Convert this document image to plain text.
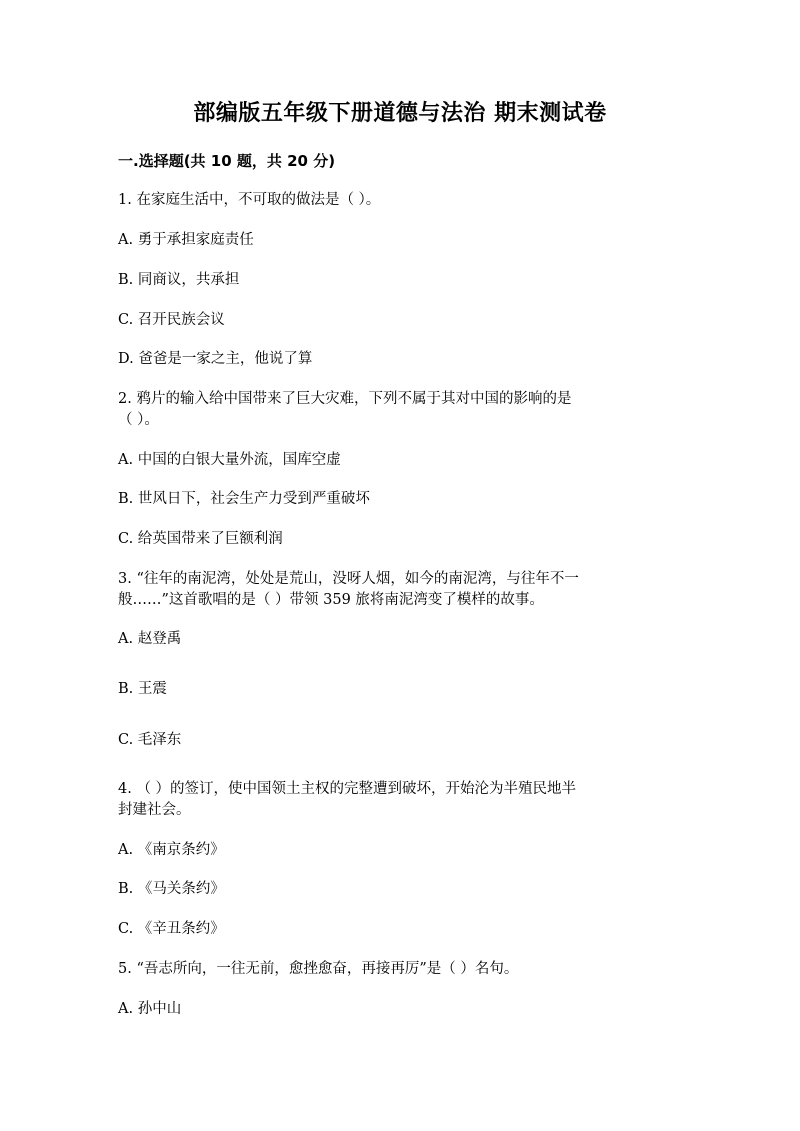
部编版五年级下册道德与法治 期末测试卷
一.选择题(共 10 题，共 20 分)
1. 在家庭生活中，不可取的做法是（ ）。
A. 勇于承担家庭责任
B. 同商议，共承担
C. 召开民族会议
D. 爸爸是一家之主，他说了算
2. 鸦片的输入给中国带来了巨大灾难，下列不属于其对中国的影响的是
（ ）。
A. 中国的白银大量外流，国库空虚
B. 世风日下，社会生产力受到严重破坏
C. 给英国带来了巨额利润
3. “往年的南泥湾，处处是荒山，没呀人烟，如今的南泥湾，与往年不一
般……”这首歌唱的是（ ）带领 359 旅将南泥湾变了模样的故事。
A. 赵登禹
B. 王震
C. 毛泽东
4. （ ）的签订，使中国领土主权的完整遭到破坏，开始沦为半殖民地半
封建社会。
A. 《南京条约》
B. 《马关条约》
C. 《辛丑条约》
5. “吾志所向，一往无前，愈挫愈奋，再接再厉”是（ ）名句。
A. 孙中山
